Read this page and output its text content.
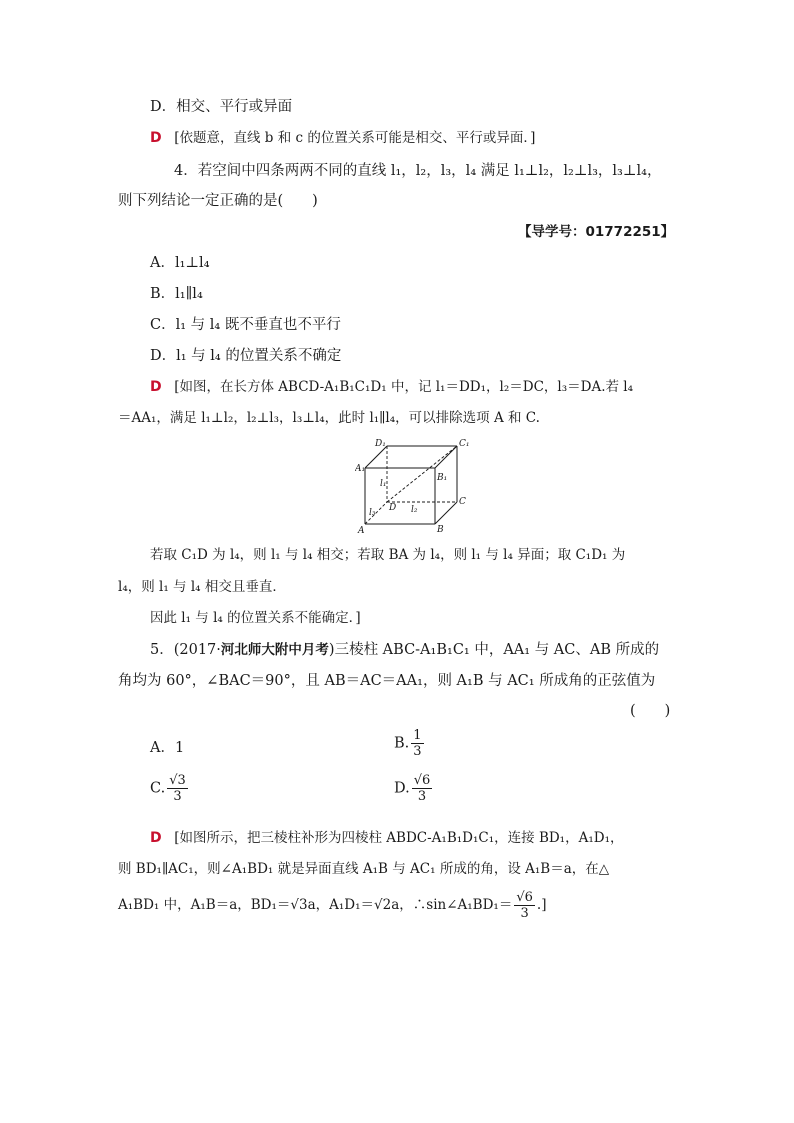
D．相交、平行或异面
D [依题意，直线 b 和 c 的位置关系可能是相交、平行或异面．]
4．若空间中四条两两不同的直线 l₁，l₂，l₃，l₄ 满足 l₁⊥l₂，l₂⊥l₃，l₃⊥l₄，
则下列结论一定正确的是(　　)
【导学号：01772251】
A．l₁⊥l₄
B．l₁∥l₄
C．l₁ 与 l₄ 既不垂直也不平行
D．l₁ 与 l₄ 的位置关系不确定
D [如图，在长方体 ABCD-A₁B₁C₁D₁ 中，记 l₁＝DD₁，l₂＝DC，l₃＝DA.若 l₄
＝AA₁，满足 l₁⊥l₂，l₂⊥l₃，l₃⊥l₄，此时 l₁∥l₄，可以排除选项 A 和 C.
D₁	C₁
A₁
B₁
C
D
A	B
l₁
l₂
l₃
若取 C₁D 为 l₄，则 l₁ 与 l₄ 相交；若取 BA 为 l₄，则 l₁ 与 l₄ 异面；取 C₁D₁ 为
l₄，则 l₁ 与 l₄ 相交且垂直．
因此 l₁ 与 l₄ 的位置关系不能确定．]
5．(2017·河北师大附中月考)三棱柱 ABC-A₁B₁C₁ 中，AA₁ 与 AC、AB 所成的
角均为 60°，∠BAC＝90°，且 AB＝AC＝AA₁，则 A₁B 与 AC₁ 所成角的正弦值为
(　　)
A．1	B. $\frac{1}{3}$
C. $\frac{√3}{3}$	D. $\frac{√6}{3}$
D [如图所示，把三棱柱补形为四棱柱 ABDC-A₁B₁D₁C₁，连接 BD₁，A₁D₁，
则 BD₁∥AC₁，则∠A₁BD₁ 就是异面直线 A₁B 与 AC₁ 所成的角，设 A₁B＝a，在△
A₁BD₁ 中，A₁B＝a，BD₁＝√3a，A₁D₁＝√2a，∴sin∠A₁BD₁＝ $\frac{√6}{3}$ .]
